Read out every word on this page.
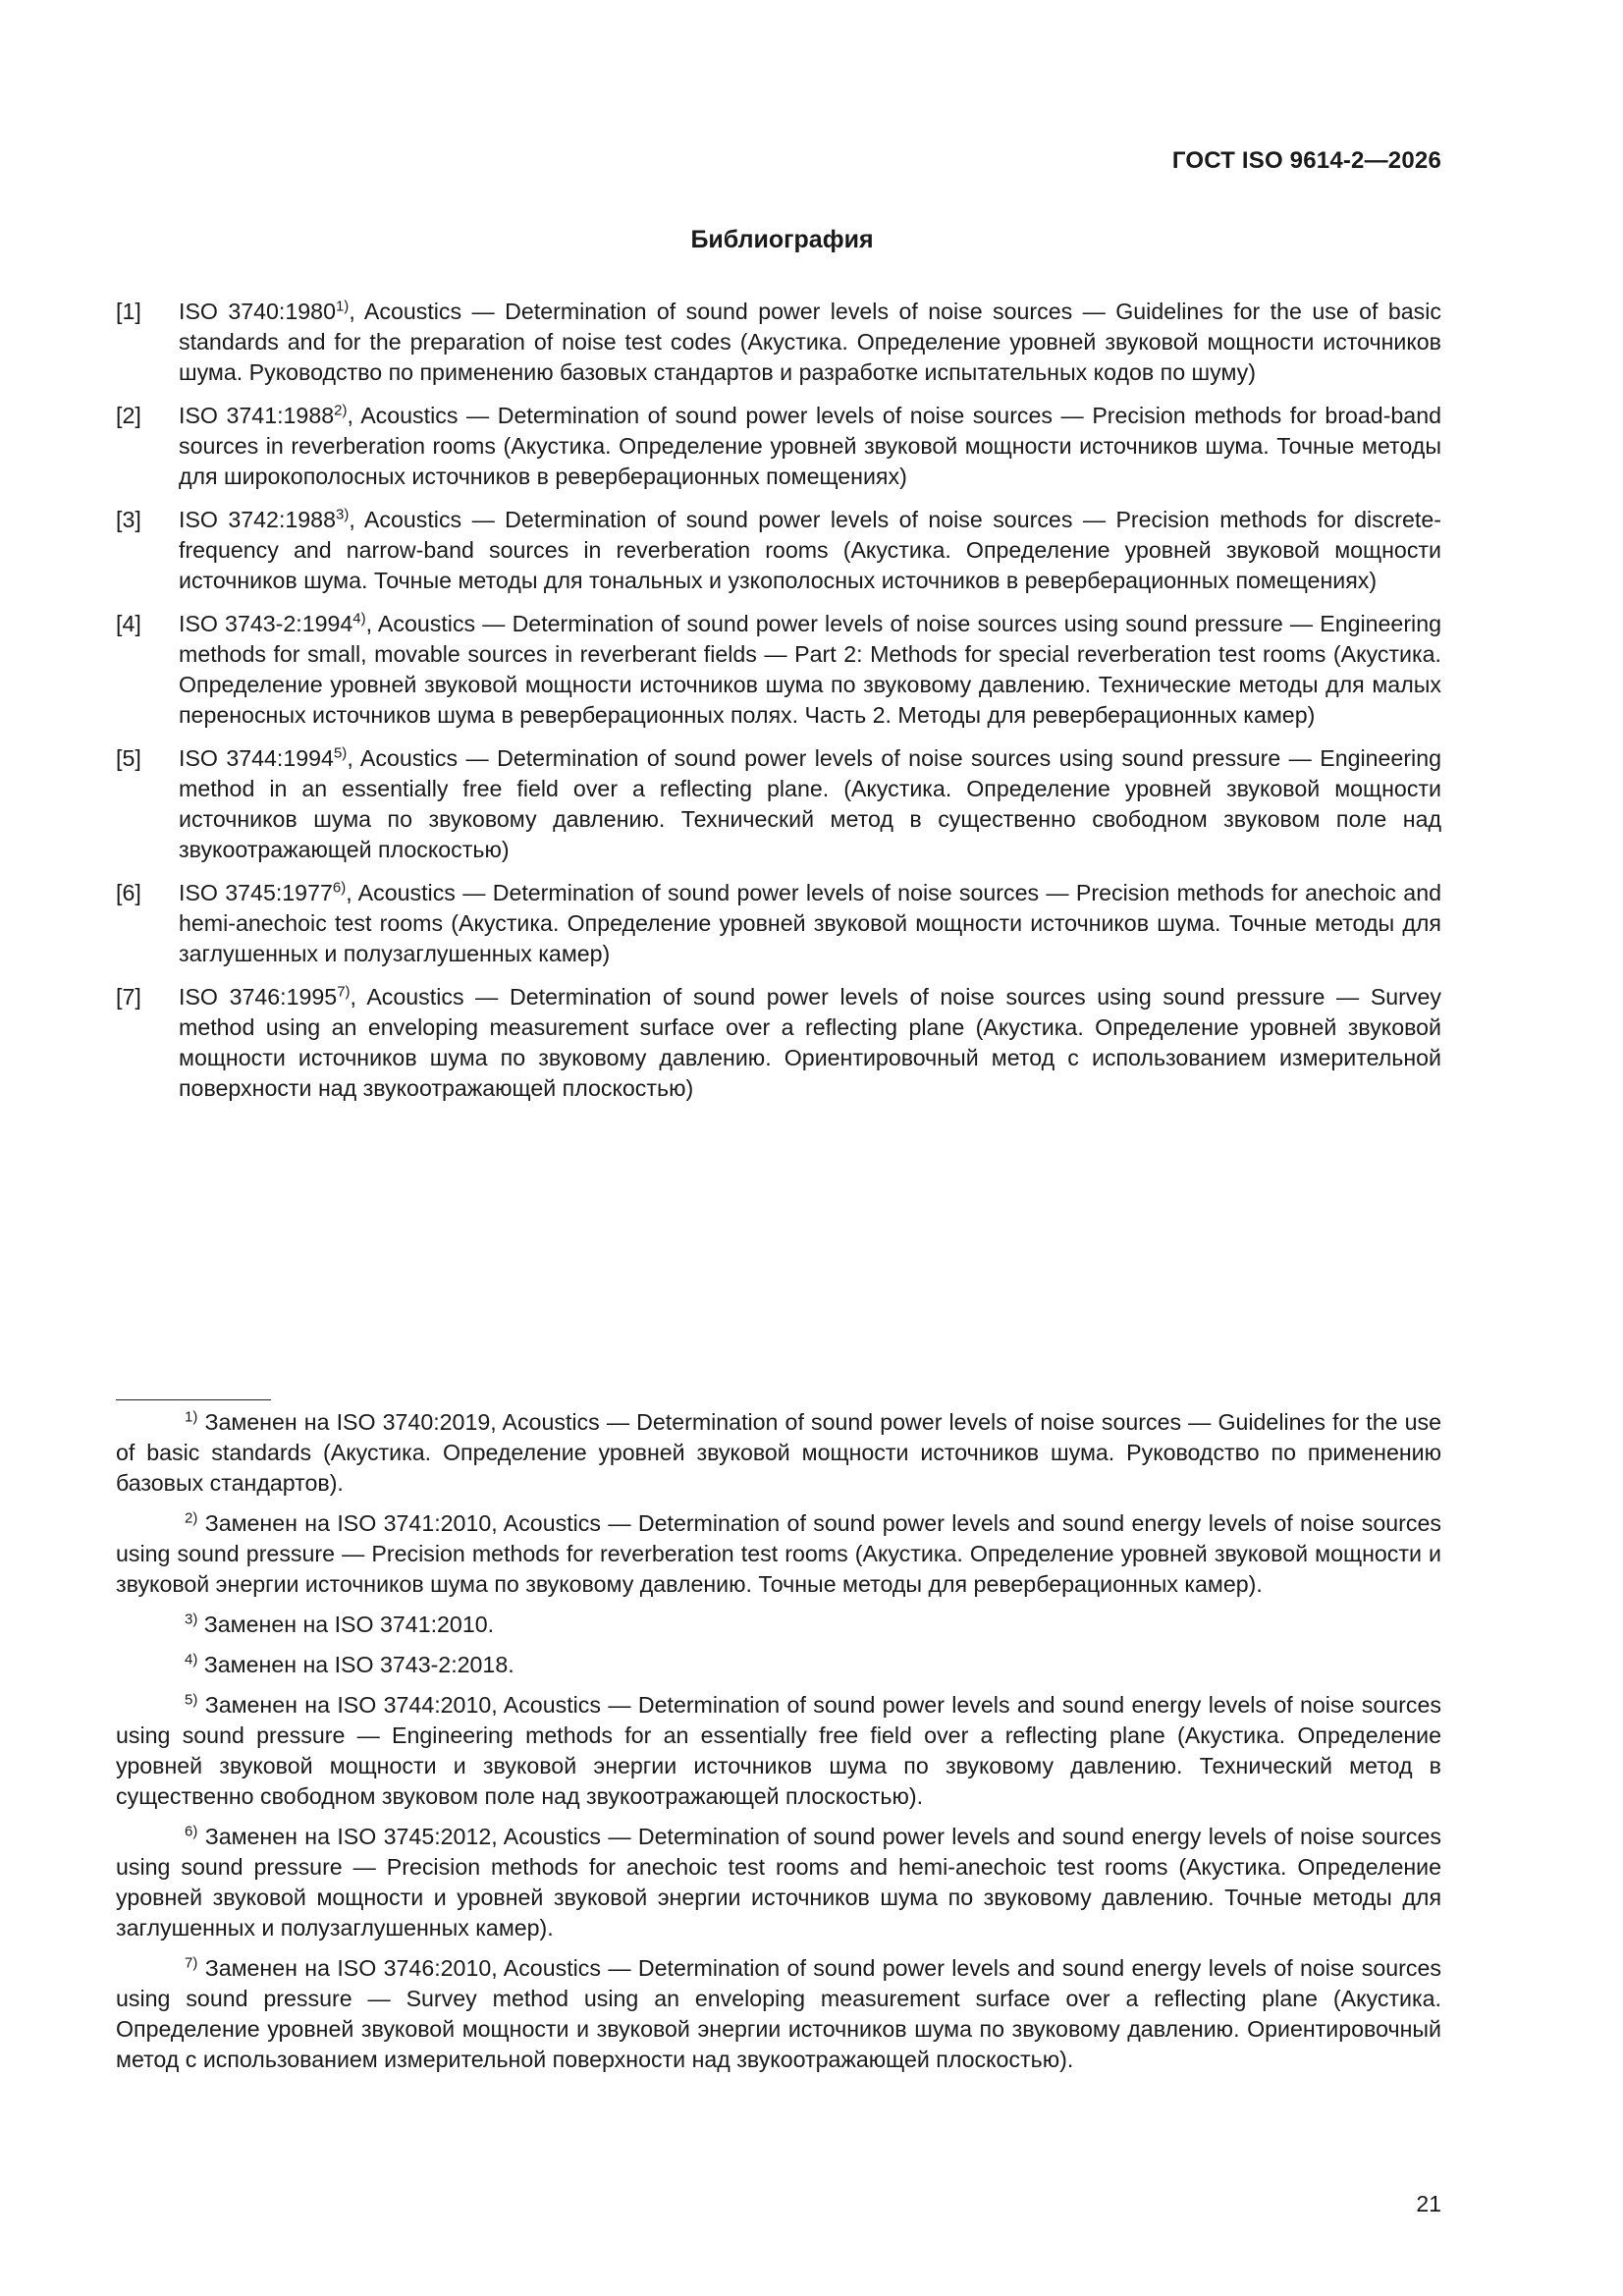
ГОСТ ISO 9614-2—2026
Библиография
[1]	ISO 3740:1980$^{1)}$, Acoustics — Determination of sound power levels of noise sources — Guidelines for the use of basic standards and for the preparation of noise test codes (Акустика. Определение уровней звуковой мощности источников шума. Руководство по применению базовых стандартов и разработке испытательных кодов по шуму)
[2]	ISO 3741:1988$^{2)}$, Acoustics — Determination of sound power levels of noise sources — Precision methods for broad-band sources in reverberation rooms (Акустика. Определение уровней звуковой мощности источников шума. Точные методы для широкополосных источников в реверберационных помещениях)
[3]	ISO 3742:1988$^{3)}$, Acoustics — Determination of sound power levels of noise sources — Precision methods for discrete-frequency and narrow-band sources in reverberation rooms (Акустика. Определение уровней звуковой мощности источников шума. Точные методы для тональных и узкополосных источников в реверберационных помещениях)
[4]	ISO 3743-2:1994$^{4)}$, Acoustics — Determination of sound power levels of noise sources using sound pressure — Engineering methods for small, movable sources in reverberant fields — Part 2: Methods for special reverberation test rooms (Акустика. Определение уровней звуковой мощности источников шума по звуковому давлению. Технические методы для малых переносных источников шума в реверберационных полях. Часть 2. Методы для реверберационных камер)
[5]	ISO 3744:1994$^{5)}$, Acoustics — Determination of sound power levels of noise sources using sound pressure — Engineering method in an essentially free field over a reflecting plane. (Акустика. Определение уровней звуковой мощности источников шума по звуковому давлению. Технический метод в существенно свободном звуковом поле над звукоотражающей плоскостью)
[6]	ISO 3745:1977$^{6)}$, Acoustics — Determination of sound power levels of noise sources — Precision methods for anechoic and hemi-anechoic test rooms (Акустика. Определение уровней звуковой мощности источников шума. Точные методы для заглушенных и полузаглушенных камер)
[7]	ISO 3746:1995$^{7)}$, Acoustics — Determination of sound power levels of noise sources using sound pressure — Survey method using an enveloping measurement surface over a reflecting plane (Акустика. Определение уровней звуковой мощности источников шума по звуковому давлению. Ориентировочный метод с использованием измерительной поверхности над звукоотражающей плоскостью)
$^{1)}$ Заменен на ISO 3740:2019, Acoustics — Determination of sound power levels of noise sources — Guidelines for the use of basic standards (Акустика. Определение уровней звуковой мощности источников шума. Руководство по применению базовых стандартов).
$^{2)}$ Заменен на ISO 3741:2010, Acoustics — Determination of sound power levels and sound energy levels of noise sources using sound pressure — Precision methods for reverberation test rooms (Акустика. Определение уровней звуковой мощности и звуковой энергии источников шума по звуковому давлению. Точные методы для реверберационных камер).
$^{3)}$ Заменен на ISO 3741:2010.
$^{4)}$ Заменен на ISO 3743-2:2018.
$^{5)}$ Заменен на ISO 3744:2010, Acoustics — Determination of sound power levels and sound energy levels of noise sources using sound pressure — Engineering methods for an essentially free field over a reflecting plane (Акустика. Определение уровней звуковой мощности и звуковой энергии источников шума по звуковому давлению. Технический метод в существенно свободном звуковом поле над звукоотражающей плоскостью).
$^{6)}$ Заменен на ISO 3745:2012, Acoustics — Determination of sound power levels and sound energy levels of noise sources using sound pressure — Precision methods for anechoic test rooms and hemi-anechoic test rooms (Акустика. Определение уровней звуковой мощности и уровней звуковой энергии источников шума по звуковому давлению. Точные методы для заглушенных и полузаглушенных камер).
$^{7)}$ Заменен на ISO 3746:2010, Acoustics — Determination of sound power levels and sound energy levels of noise sources using sound pressure — Survey method using an enveloping measurement surface over a reflecting plane (Акустика. Определение уровней звуковой мощности и звуковой энергии источников шума по звуковому давлению. Ориентировочный метод с использованием измерительной поверхности над звукоотражающей плоскостью).
21
